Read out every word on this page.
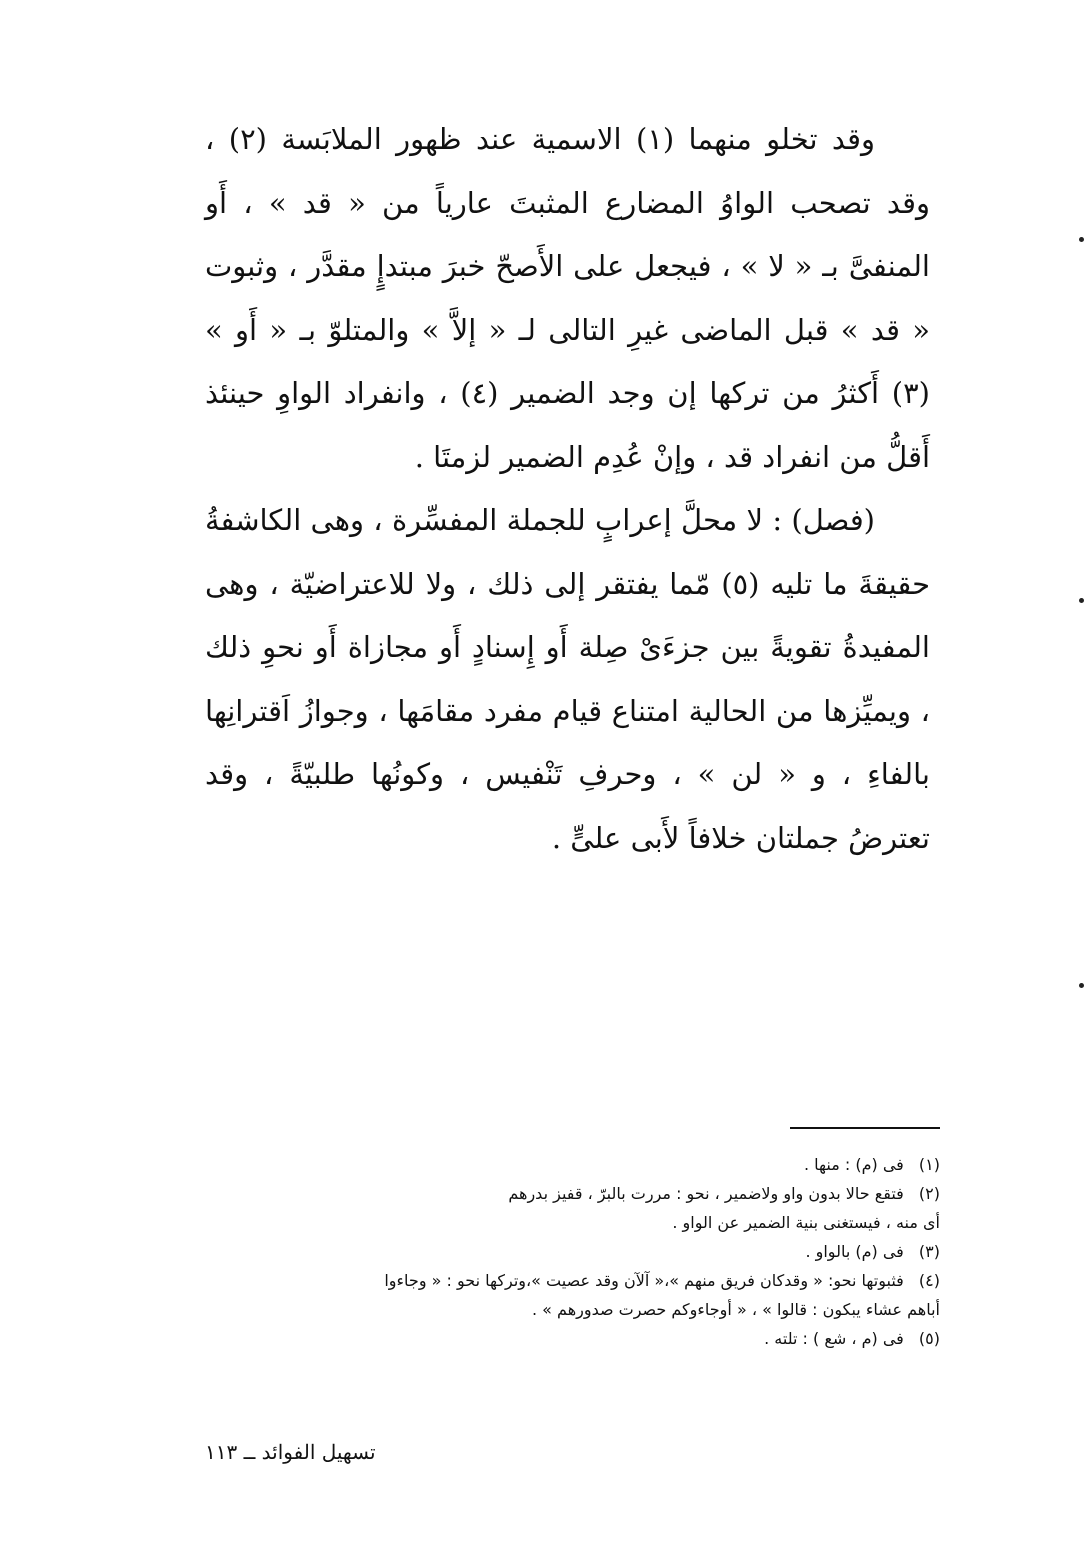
وقد تخلو منهما (١) الاسمية عند ظهور الملابَسة (٢) ، وقد تصحب الواوُ المضارع المثبتَ عارياً من « قد » ، أَو المنفىَّ بـ « لا » ، فيجعل على الأَصحّ خبرَ مبتدإٍ مقدَّر ، وثبوت « قد » قبل الماضى غيرِ التالى لـ « إلاَّ » والمتلوّ بـ « أَو » (٣) أَكثرُ من تركها إن وجد الضمير (٤) ، وانفراد الواوِ حينئذ أَقلُّ من انفراد قد ، وإنْ عُدِم الضمير لزمتَا .

(فصل) : لا محلَّ إعرابٍ للجملة المفسِّرة ، وهى الكاشفةُ حقيقةَ ما تليه (٥) مّما يفتقر إلى ذلك ، ولا للاعتراضيّة ، وهى المفيدةُ تقويةً بين جزءَىْ صِلة أَو إِسنادٍ أَو مجازاة أَو نحوِ ذلك ، ويميِّزها من الحالية امتناع قيام مفرد مقامَها ، وجوازُ اَقترانِها بالفاءِ ، و « لن » ، وحرفِ تَنْفيس ، وكونُها طلبيّةً ، وقد تعترضُ جملتان خلافاً لأَبى علىٍّ .

(١) فى (م) : منها .
(٢) فتقع حالا بدون واو ولاضمير ، نحو : مررت بالبرّ ، قفيز بدرهم
أى منه ، فيستغنى بنية الضمير عن الواو .
(٣) فى (م) بالواو .
(٤) فثبوتها نحو: « وقدكان فريق منهم »،« آلآن وقد عصيت »،وتركها نحو : « وجاءوا
أباهم عشاء يبكون : قالوا » ، « أوجاءوكم حصرت صدورهم » .
(٥) فى (م ، شع ) : تلته .
تسهيل الفوائد ــ ١١٣
